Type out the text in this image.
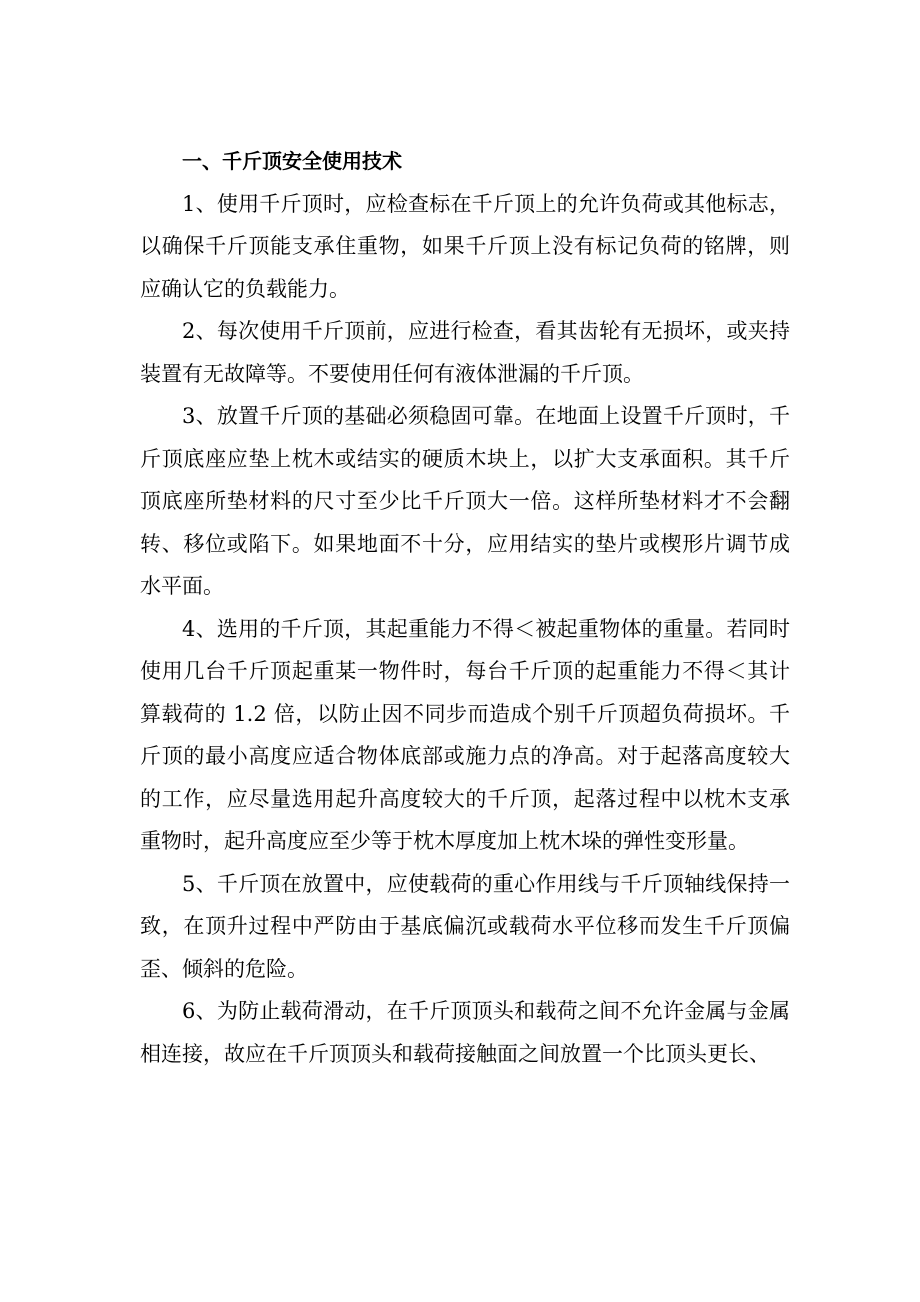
一、千斤顶安全使用技术

1、使用千斤顶时，应检查标在千斤顶上的允许负荷或其他标志，以确保千斤顶能支承住重物，如果千斤顶上没有标记负荷的铭牌，则应确认它的负载能力。

2、每次使用千斤顶前，应进行检查，看其齿轮有无损坏，或夹持装置有无故障等。不要使用任何有液体泄漏的千斤顶。

3、放置千斤顶的基础必须稳固可靠。在地面上设置千斤顶时，千斤顶底座应垫上枕木或结实的硬质木块上，以扩大支承面积。其千斤顶底座所垫材料的尺寸至少比千斤顶大一倍。这样所垫材料才不会翻转、移位或陷下。如果地面不十分，应用结实的垫片或楔形片调节成水平面。

4、选用的千斤顶，其起重能力不得＜被起重物体的重量。若同时使用几台千斤顶起重某一物件时，每台千斤顶的起重能力不得＜其计算载荷的 1.2 倍，以防止因不同步而造成个别千斤顶超负荷损坏。千斤顶的最小高度应适合物体底部或施力点的净高。对于起落高度较大的工作，应尽量选用起升高度较大的千斤顶，起落过程中以枕木支承重物时，起升高度应至少等于枕木厚度加上枕木垛的弹性变形量。

5、千斤顶在放置中，应使载荷的重心作用线与千斤顶轴线保持一致，在顶升过程中严防由于基底偏沉或载荷水平位移而发生千斤顶偏歪、倾斜的危险。

6、为防止载荷滑动，在千斤顶顶头和载荷之间不允许金属与金属相连接，故应在千斤顶顶头和载荷接触面之间放置一个比顶头更长、
